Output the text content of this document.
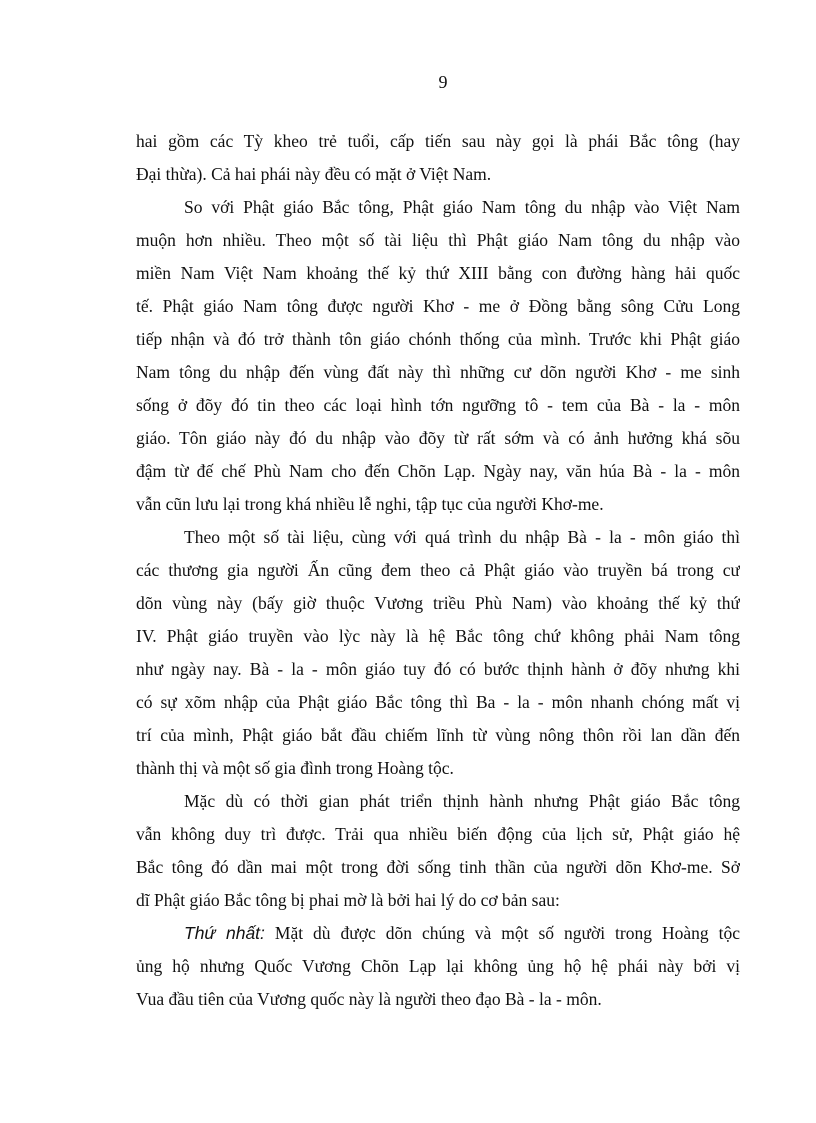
9
hai gồm các Tỳ kheo trẻ tuổi, cấp tiến sau này gọi là phái Bắc tông (hay
Đại thừa). Cả hai phái này đều có mặt ở Việt Nam.
So với Phật giáo Bắc tông, Phật giáo Nam tông du nhập vào Việt Nam
muộn hơn nhiều. Theo một số tài liệu thì Phật giáo Nam tông du nhập vào
miền Nam Việt Nam khoảng thế kỷ thứ XIII bằng con đường hàng hải quốc
tế. Phật giáo Nam tông được người Khơ - me ở Đồng bằng sông Cửu Long
tiếp nhận và đó trở thành tôn giáo chónh thống của mình. Trước khi Phật giáo
Nam tông du nhập đến vùng đất này thì những cư dõn người Khơ - me sinh
sống ở đõy đó tin theo các loại hình tớn ngưỡng tô - tem của Bà - la - môn
giáo. Tôn giáo này đó du nhập vào đõy từ rất sớm và có ảnh hưởng khá sõu
đậm từ đế chế Phù Nam cho đến Chõn Lạp. Ngày nay, văn húa Bà - la - môn
vẫn cũn lưu lại trong khá nhiều lễ nghi, tập tục của người Khơ-me.
Theo một số tài liệu, cùng với quá trình du nhập Bà - la - môn giáo thì
các thương gia người Ấn cũng đem theo cả Phật giáo vào truyền bá trong cư
dõn vùng này (bấy giờ thuộc Vương triều Phù Nam) vào khoảng thế kỷ thứ
IV. Phật giáo truyền vào lỳc này là hệ Bắc tông chứ không phải Nam tông
như ngày nay. Bà - la - môn giáo tuy đó có bước thịnh hành ở đõy nhưng khi
có sự xõm nhập của Phật giáo Bắc tông thì Ba - la - môn nhanh chóng mất vị
trí của mình, Phật giáo bắt đầu chiếm lĩnh từ vùng nông thôn rồi lan dần đến
thành thị và một số gia đình trong Hoàng tộc.
Mặc dù có thời gian phát triển thịnh hành nhưng Phật giáo Bắc tông
vẫn không duy trì được. Trải qua nhiều biến động của lịch sử, Phật giáo hệ
Bắc tông đó dần mai một trong đời sống tinh thần của người dõn Khơ-me. Sở
dĩ Phật giáo Bắc tông bị phai mờ là bởi hai lý do cơ bản sau:
Thứ nhất: Mặt dù được dõn chúng và một số người trong Hoàng tộc
ủng hộ nhưng Quốc Vương Chõn Lạp lại không ủng hộ hệ phái này bởi vị
Vua đầu tiên của Vương quốc này là người theo đạo Bà - la - môn.
